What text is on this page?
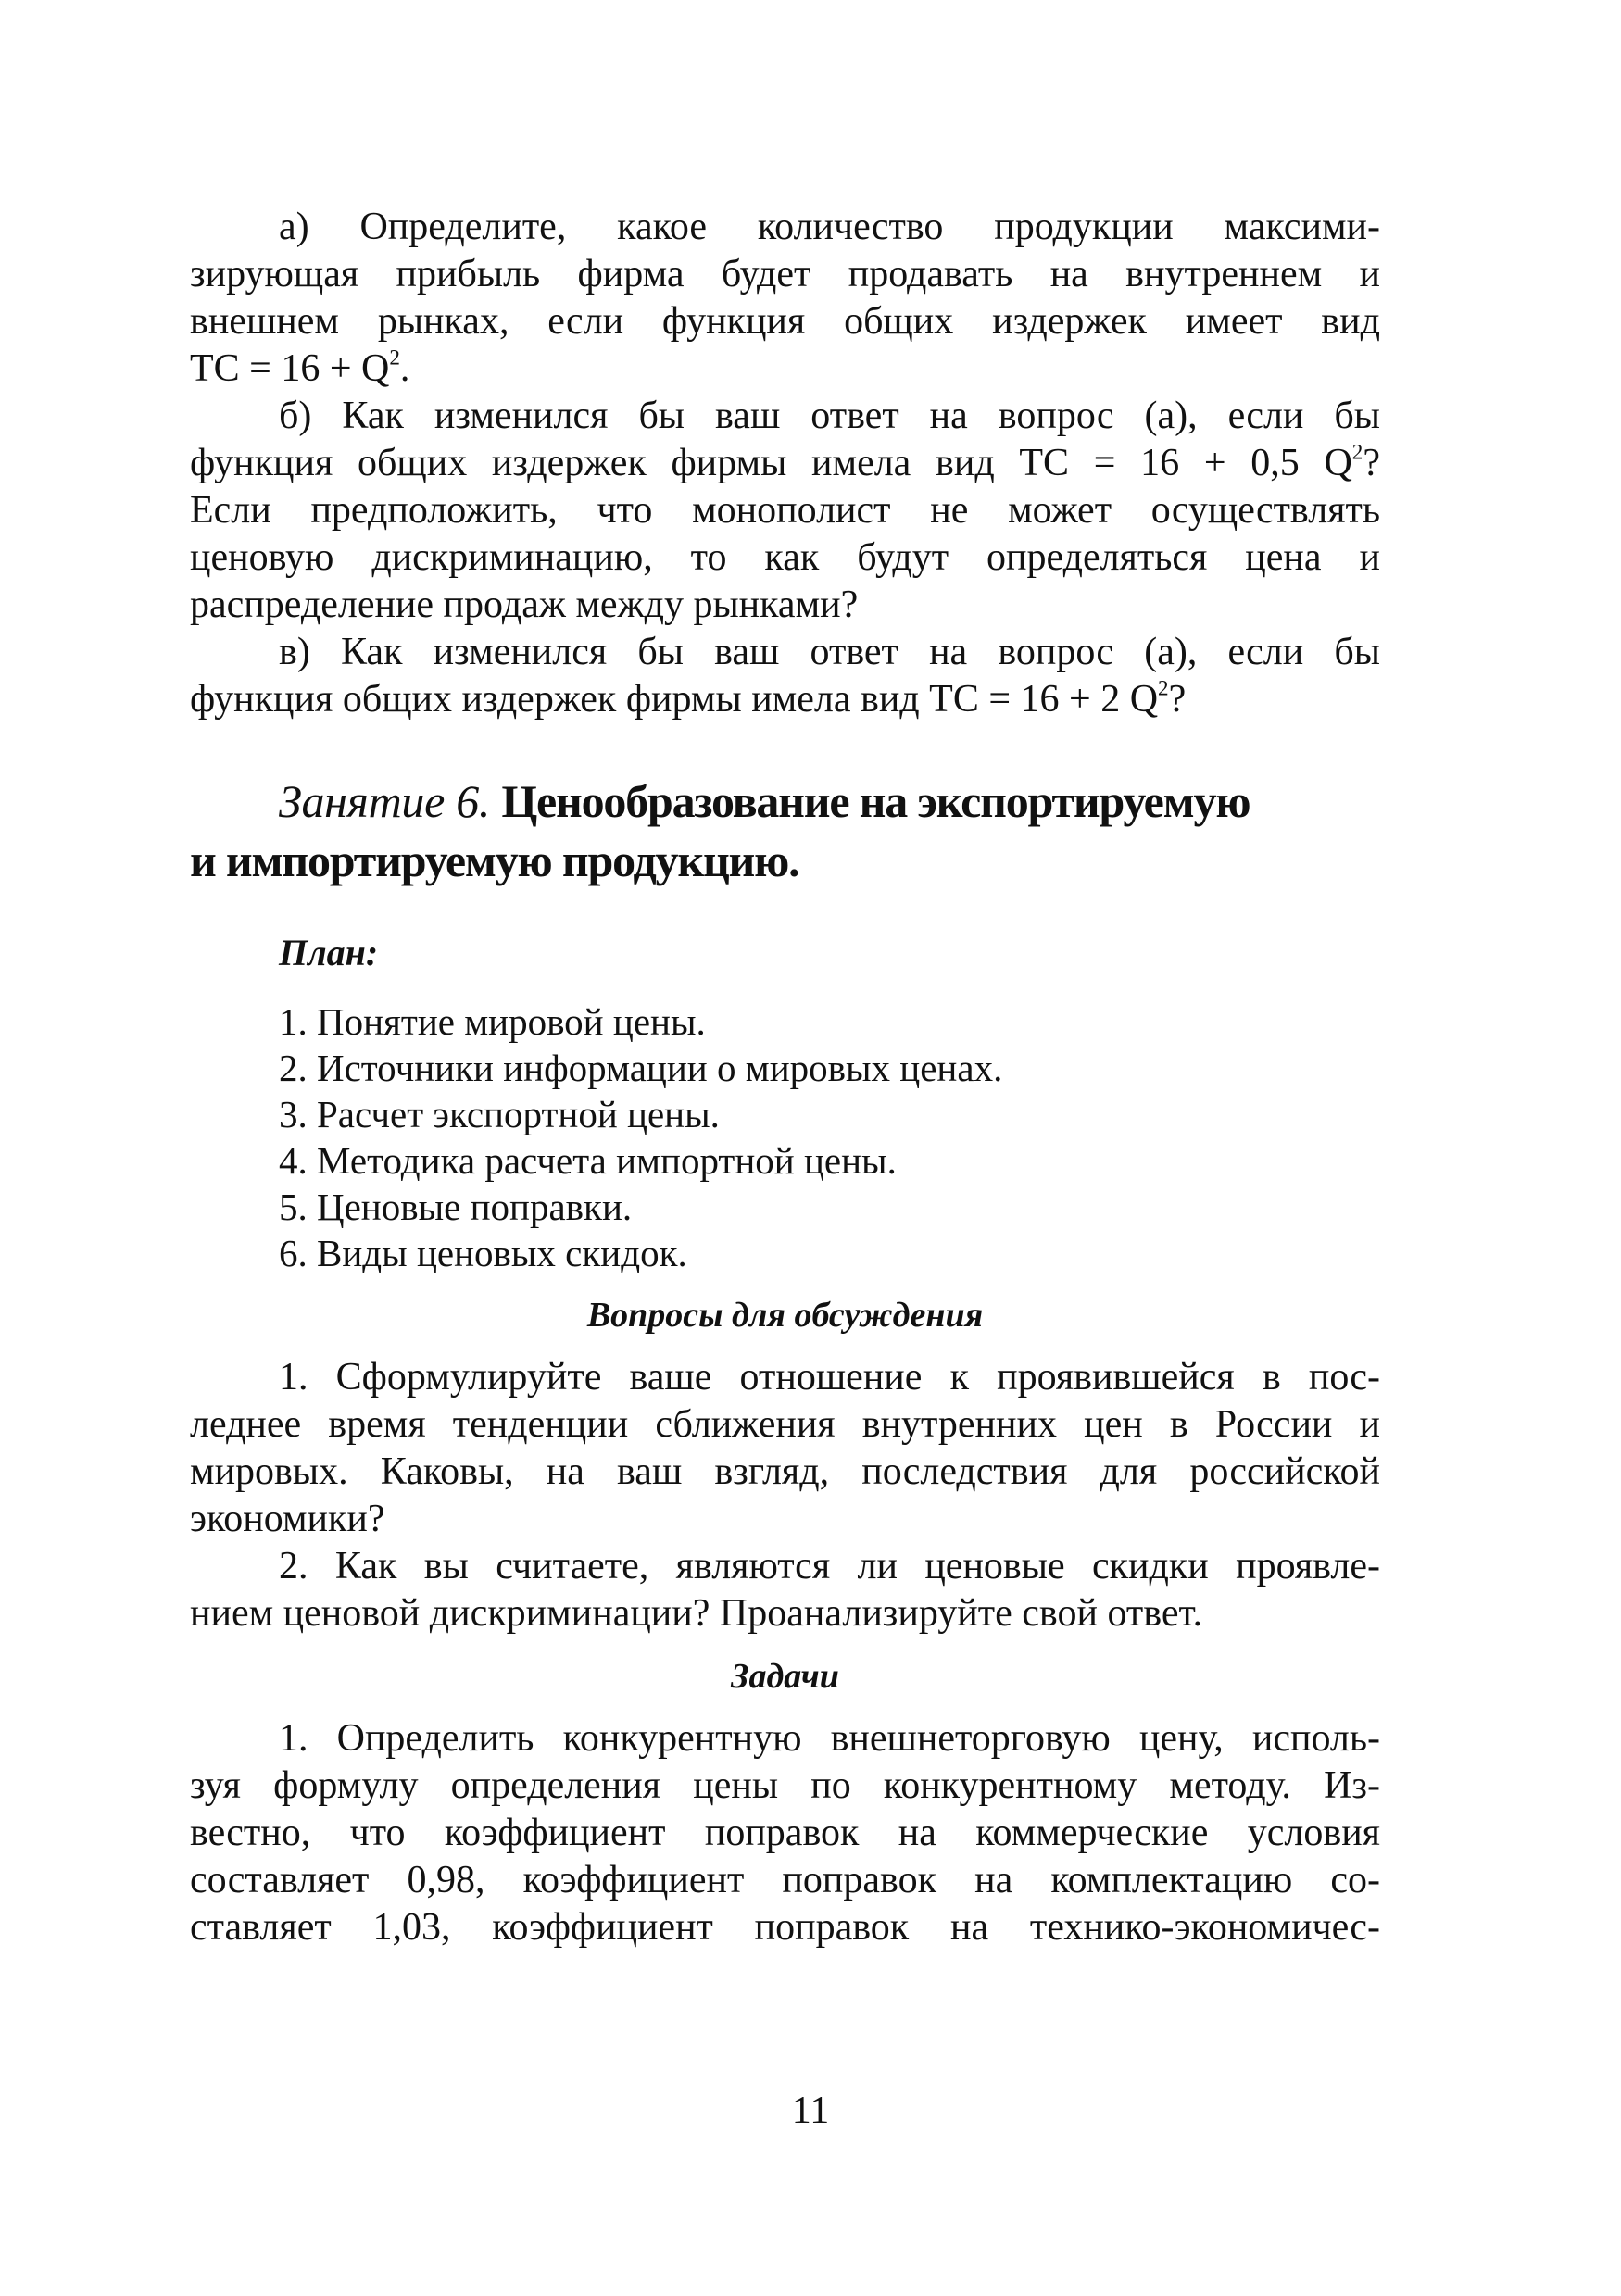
а) Определите, какое количество продукции максими-

зирующая прибыль фирма будет продавать на внутреннем и

внешнем рынках, если функция общих издержек имеет вид

ТС = $16 + Q^2$.

б) Как изменился бы ваш ответ на вопрос (а), если бы

функция общих издержек фирмы имела вид ТС = 16 + 0,5 $Q^2$?

Если предположить, что монополист не может осуществлять

ценовую дискриминацию, то как будут определяться цена и

распределение продаж между рынками?

в) Как изменился бы ваш ответ на вопрос (а), если бы

функция общих издержек фирмы имела вид ТС = 16 + 2 $Q^2$?

Занятие 6. Ценообразование на экспортируемую
и импортируемую продукцию.
План:
1. Понятие мировой цены.
2. Источники информации о мировых ценах.
3. Расчет экспортной цены.
4. Методика расчета импортной цены.
5. Ценовые поправки.
6. Виды ценовых скидок.
Вопросы для обсуждения

1. Сформулируйте ваше отношение к проявившейся в пос-

леднее время тенденции сближения внутренних цен в России и

мировых. Каковы, на ваш взгляд, последствия для российской

экономики?

2. Как вы считаете, являются ли ценовые скидки проявле-

нием ценовой дискриминации? Проанализируйте свой ответ.

Задачи

1. Определить конкурентную внешнеторговую цену, исполь-

зуя формулу определения цены по конкурентному методу. Из-

вестно, что коэффициент поправок на коммерческие условия

составляет 0,98, коэффициент поправок на комплектацию со-

ставляет 1,03, коэффициент поправок на технико-экономичес-

11
